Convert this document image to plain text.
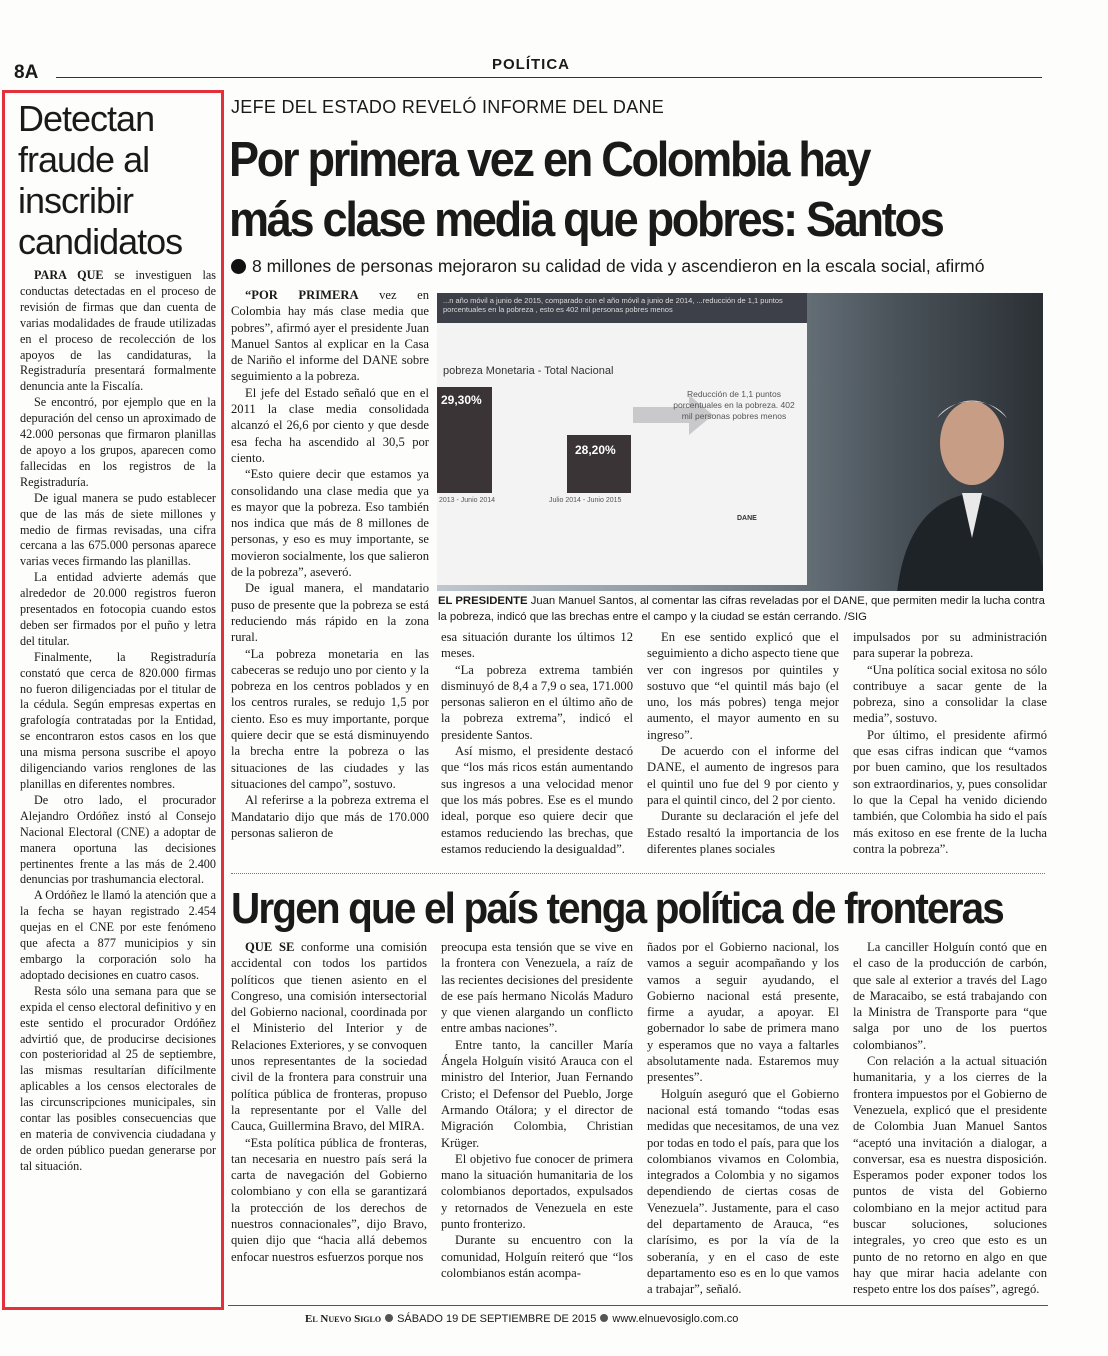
8A	POLÍTICA
Detectan fraude al inscribir candidatos

PARA QUE se investiguen las conductas detectadas en el proceso de revisión de firmas que dan cuenta de varias modalidades de fraude utilizadas en el proceso de recolección de los apoyos de las candidaturas, la Registraduría presentará formalmente denuncia ante la Fiscalía.

Se encontró, por ejemplo que en la depuración del censo un aproximado de 42.000 personas que firmaron planillas de apoyo a los grupos, aparecen como fallecidas en los registros de la Registraduría.

De igual manera se pudo establecer que de las más de siete millones y medio de firmas revisadas, una cifra cercana a las 675.000 personas aparece varias veces firmando las planillas.

La entidad advierte además que alrededor de 20.000 registros fueron presentados en fotocopia cuando estos deben ser firmados por el puño y letra del titular.

Finalmente, la Registraduría constató que cerca de 820.000 firmas no fueron diligenciadas por el titular de la cédula. Según empresas expertas en grafología contratadas por la Entidad, se encontraron estos casos en los que una misma persona suscribe el apoyo diligenciando varios renglones de las planillas en diferentes nombres.

De otro lado, el procurador Alejandro Ordóñez instó al Consejo Nacional Electoral (CNE) a adoptar de manera oportuna las decisiones pertinentes frente a las más de 2.400 denuncias por trashumancia electoral.

A Ordóñez le llamó la atención que a la fecha se hayan registrado 2.454 quejas en el CNE por este fenómeno que afecta a 877 municipios y sin embargo la corporación solo ha adoptado decisiones en cuatro casos.

Resta sólo una semana para que se expida el censo electoral definitivo y en este sentido el procurador Ordóñez advirtió que, de producirse decisiones con posterioridad al 25 de septiembre, las mismas resultarían difícilmente aplicables a los censos electorales de las circunscripciones municipales, sin contar las posibles consecuencias que en materia de convivencia ciudadana y de orden público puedan generarse por tal situación.

JEFE DEL ESTADO REVELÓ INFORME DEL DANE
Por primera vez en Colombia hay
más clase media que pobres: Santos
8 millones de personas mejoraron su calidad de vida y ascendieron en la escala social, afirmó

“POR PRIMERA vez en Colombia hay más clase media que pobres”, afirmó ayer el presidente Juan Manuel Santos al explicar en la Casa de Nariño el informe del DANE sobre seguimiento a la pobreza.

El jefe del Estado señaló que en el 2011 la clase media consolidada alcanzó el 26,6 por ciento y que desde esa fecha ha ascendido al 30,5 por ciento.

“Esto quiere decir que estamos ya consolidando una clase media que ya es mayor que la pobreza. Eso también nos indica que más de 8 millones de personas, y eso es muy importante, se movieron socialmente, los que salieron de la pobreza”, aseveró.

De igual manera, el mandatario puso de presente que la pobreza se está reduciendo más rápido en la zona rural.

“La pobreza monetaria en las cabeceras se redujo uno por ciento y la pobreza en los centros poblados y en los centros rurales, se redujo 1,5 por ciento. Eso es muy importante, porque quiere decir que se está disminuyendo la brecha entre la pobreza o las situaciones de las ciudades y las situaciones del campo”, sostuvo.

Al referirse a la pobreza extrema el Mandatario dijo que más de 170.000 personas salieron de

...n año móvil a junio de 2015, comparado con el año móvil a junio de 2014, ...reducción de 1,1 puntos porcentuales en la pobreza , esto es 402 mil personas pobres menos
pobreza Monetaria - Total Nacional
29,30%
28,20%
Reducción de 1,1 puntos porcentuales en la pobreza. 402 mil personas pobres menos
2013 - Junio 2014	Julio 2014 - Junio 2015
DANE
EL PRESIDENTE Juan Manuel Santos, al comentar las cifras reveladas por el DANE, que permiten medir la lucha contra la pobreza, indicó que las brechas entre el campo y la ciudad se están cerrando. /SIG

esa situación durante los últimos 12 meses.

“La pobreza extrema también disminuyó de 8,4 a 7,9 o sea, 171.000 personas salieron en el último año de la pobreza extrema”, indicó el presidente Santos.

Así mismo, el presidente destacó que “los más ricos están aumentando sus ingresos a una velocidad menor que los más pobres. Ese es el mundo ideal, porque eso quiere decir que estamos reduciendo las brechas, que estamos reduciendo la desigualdad”.

En ese sentido explicó que el seguimiento a dicho aspecto tiene que ver con ingresos por quintiles y sostuvo que “el quintil más bajo (el uno, los más pobres) tenga mejor aumento, el mayor aumento en su ingreso”.

De acuerdo con el informe del DANE, el aumento de ingresos para el quintil uno fue del 9 por ciento y para el quintil cinco, del 2 por ciento.

Durante su declaración el jefe del Estado resaltó la importancia de los diferentes planes sociales

impulsados por su administración para superar la pobreza.

“Una política social exitosa no sólo contribuye a sacar gente de la pobreza, sino a consolidar la clase media”, sostuvo.

Por último, el presidente afirmó que esas cifras indican que “vamos por buen camino, que los resultados son extraordinarios, y, pues consolidar lo que la Cepal ha venido diciendo también, que Colombia ha sido el país más exitoso en ese frente de la lucha contra la pobreza”.

Urgen que el país tenga política de fronteras

QUE SE conforme una comisión accidental con todos los partidos políticos que tienen asiento en el Congreso, una comisión intersectorial del Gobierno nacional, coordinada por el Ministerio del Interior y de Relaciones Exteriores, y se convoquen unos representantes de la sociedad civil de la frontera para construir una política pública de fronteras, propuso la representante por el Valle del Cauca, Guillermina Bravo, del MIRA.

“Esta política pública de fronteras, tan necesaria en nuestro país será la carta de navegación del Gobierno colombiano y con ella se garantizará la protección de los derechos de nuestros connacionales”, dijo Bravo, quien dijo que “hacia allá debemos enfocar nuestros esfuerzos porque nos

preocupa esta tensión que se vive en la frontera con Venezuela, a raíz de las recientes decisiones del presidente de ese país hermano Nicolás Maduro y que vienen alargando un conflicto entre ambas naciones”.

Entre tanto, la canciller María Ángela Holguín visitó Arauca con el ministro del Interior, Juan Fernando Cristo; el Defensor del Pueblo, Jorge Armando Otálora; y el director de Migración Colombia, Christian Krüger.

El objetivo fue conocer de primera mano la situación humanitaria de los colombianos deportados, expulsados y retornados de Venezuela en este punto fronterizo.

Durante su encuentro con la comunidad, Holguín reiteró que “los colombianos están acompa-

ñados por el Gobierno nacional, los vamos a seguir acompañando y los vamos a seguir ayudando, el Gobierno nacional está presente, firme a ayudar, a apoyar. El gobernador lo sabe de primera mano y esperamos que no vaya a faltarles absolutamente nada. Estaremos muy presentes”.

Holguín aseguró que el Gobierno nacional está tomando “todas esas medidas que necesitamos, de una vez por todas en todo el país, para que los colombianos vivamos en Colombia, integrados a Colombia y no sigamos dependiendo de ciertas cosas de Venezuela”. Justamente, para el caso del departamento de Arauca, “es clarísimo, es por la vía de la soberanía, y en el caso de este departamento eso es en lo que vamos a trabajar”, señaló.

La canciller Holguín contó que en el caso de la producción de carbón, que sale al exterior a través del Lago de Maracaibo, se está trabajando con la Ministra de Transporte para “que salga por uno de los puertos colombianos”.

Con relación a la actual situación humanitaria, y a los cierres de la frontera impuestos por el Gobierno de Venezuela, explicó que el presidente de Colombia Juan Manuel Santos “aceptó una invitación a dialogar, a conversar, esa es nuestra disposición. Esperamos poder exponer todos los puntos de vista del Gobierno colombiano en la mejor actitud para buscar soluciones, soluciones integrales, yo creo que esto es un punto de no retorno en algo en que hay que mirar hacia adelante con respeto entre los dos países”, agregó.

El Nuevo Siglo SÁBADO 19 DE SEPTIEMBRE DE 2015 www.elnuevosiglo.com.co
